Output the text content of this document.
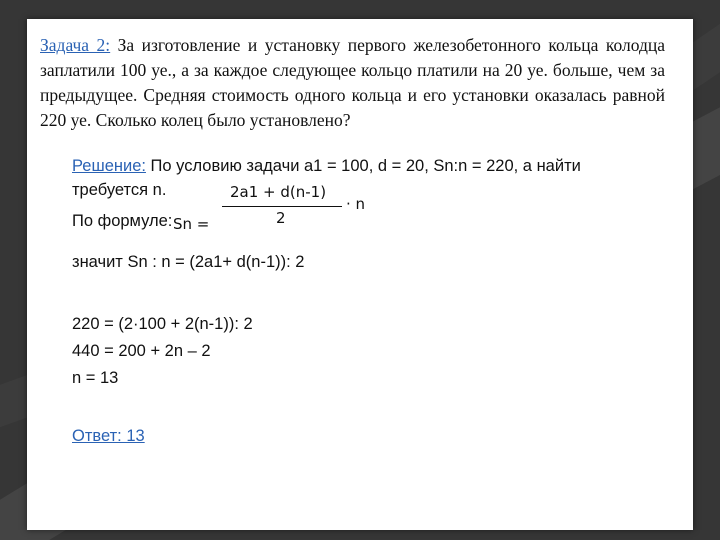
Задача 2: За изготовление и установку первого железобетонного кольца колодца заплатили 100 уе., а за каждое следующее кольцо платили на 20 уе. больше, чем за предыдущее. Средняя стоимость одного кольца и его установки оказалась равной 220 уе. Сколько колец было установлено?
Решение: По условию задачи a1 = 100, d = 20, Sn:n = 220, а найти
требуется n.
По формуле: Sn =
2a1 + d(n-1)
2
· n
значит Sn : n = (2a1+ d(n-1)): 2
220 = (2·100 + 2(n-1)): 2
440 = 200 + 2n – 2
n = 13
Ответ: 13
